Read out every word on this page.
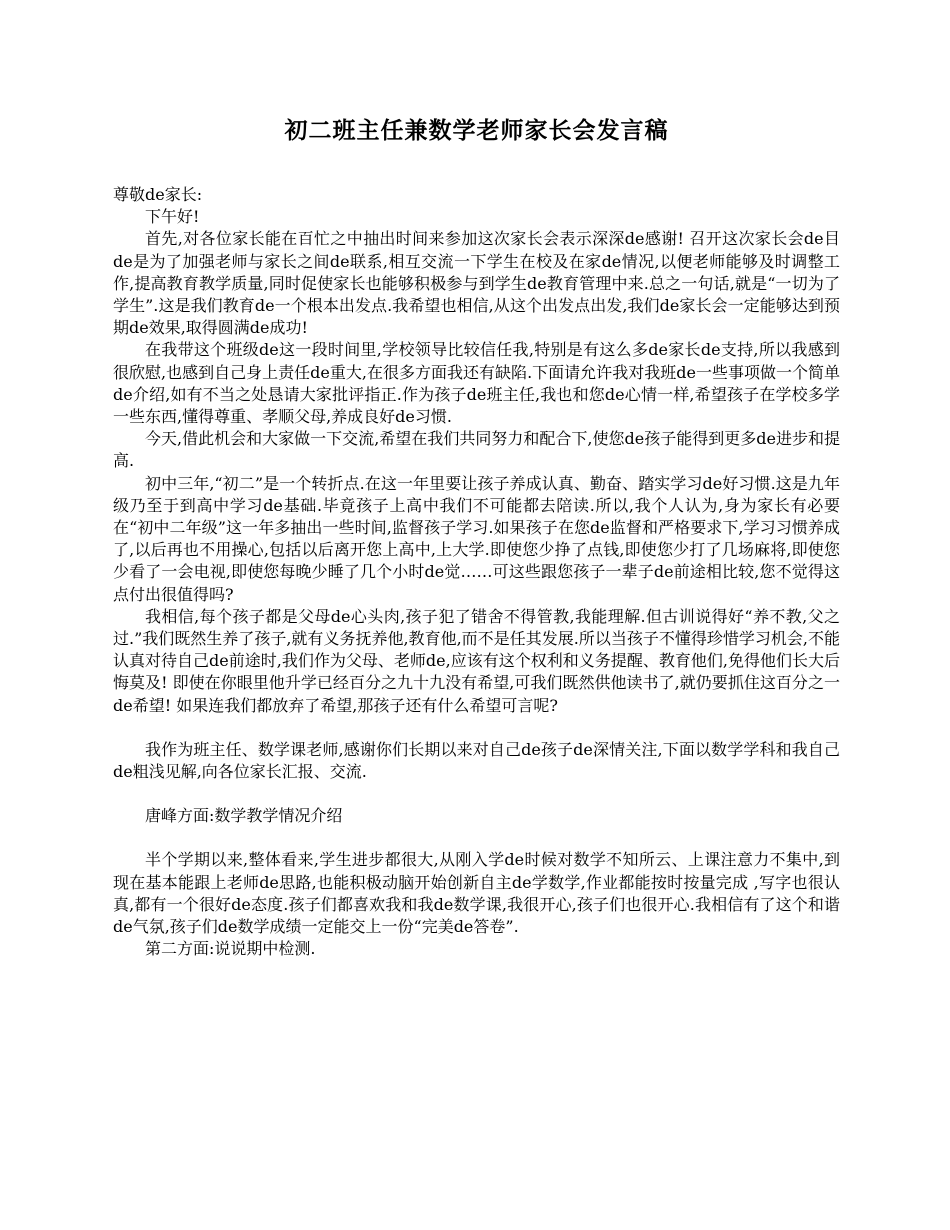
初二班主任兼数学老师家长会发言稿

尊敬de家长:

下午好!

首先,对各位家长能在百忙之中抽出时间来参加这次家长会表示深深de感谢! 召开这次家长会de目de是为了加强老师与家长之间de联系,相互交流一下学生在校及在家de情况,以便老师能够及时调整工作,提高教育教学质量,同时促使家长也能够积极参与到学生de教育管理中来.总之一句话,就是“一切为了学生”.这是我们教育de一个根本出发点.我希望也相信,从这个出发点出发,我们de家长会一定能够达到预期de效果,取得圆满de成功!

在我带这个班级de这一段时间里,学校领导比较信任我,特别是有这么多de家长de支持,所以我感到很欣慰,也感到自己身上责任de重大,在很多方面我还有缺陷.下面请允许我对我班de一些事项做一个简单de介绍,如有不当之处恳请大家批评指正.作为孩子de班主任,我也和您de心情一样,希望孩子在学校多学一些东西,懂得尊重、孝顺父母,养成良好de习惯.

今天,借此机会和大家做一下交流,希望在我们共同努力和配合下,使您de孩子能得到更多de进步和提高.

初中三年,“初二”是一个转折点.在这一年里要让孩子养成认真、勤奋、踏实学习de好习惯.这是九年级乃至于到高中学习de基础.毕竟孩子上高中我们不可能都去陪读.所以,我个人认为,身为家长有必要在“初中二年级”这一年多抽出一些时间,监督孩子学习.如果孩子在您de监督和严格要求下,学习习惯养成了,以后再也不用操心,包括以后离开您上高中,上大学.即使您少挣了点钱,即使您少打了几场麻将,即使您少看了一会电视,即使您每晚少睡了几个小时de觉……可这些跟您孩子一辈子de前途相比较,您不觉得这点付出很值得吗?

我相信,每个孩子都是父母de心头肉,孩子犯了错舍不得管教,我能理解.但古训说得好“养不教,父之过.”我们既然生养了孩子,就有义务抚养他,教育他,而不是任其发展.所以当孩子不懂得珍惜学习机会,不能认真对待自己de前途时,我们作为父母、老师de,应该有这个权利和义务提醒、教育他们,免得他们长大后悔莫及! 即使在你眼里他升学已经百分之九十九没有希望,可我们既然供他读书了,就仍要抓住这百分之一de希望! 如果连我们都放弃了希望,那孩子还有什么希望可言呢?

我作为班主任、数学课老师,感谢你们长期以来对自己de孩子de深情关注,下面以数学学科和我自己de粗浅见解,向各位家长汇报、交流.

唐峰方面:数学教学情况介绍

半个学期以来,整体看来,学生进步都很大,从刚入学de时候对数学不知所云、上课注意力不集中,到现在基本能跟上老师de思路,也能积极动脑开始创新自主de学数学,作业都能按时按量完成 ,写字也很认真,都有一个很好de态度.孩子们都喜欢我和我de数学课,我很开心,孩子们也很开心.我相信有了这个和谐de气氛,孩子们de数学成绩一定能交上一份“完美de答卷”.

第二方面:说说期中检测.
